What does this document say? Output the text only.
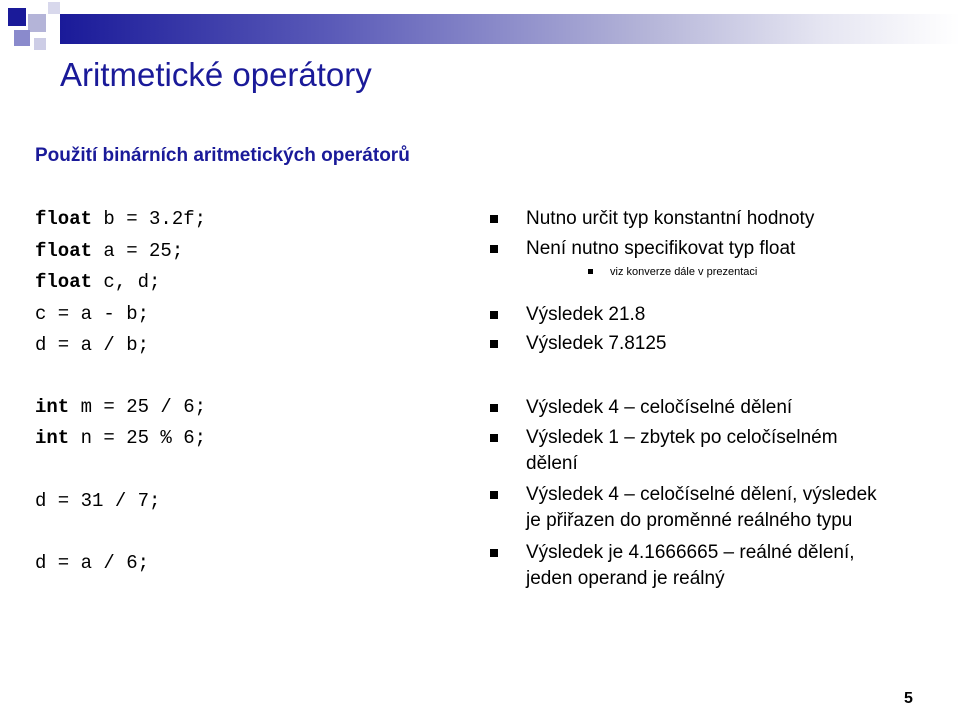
Aritmetické operátory
Použití binárních aritmetických operátorů
float b = 3.2f;
float a = 25;
float c, d;
c = a - b;
d = a / b;
int m = 25 / 6;
int n = 25 % 6;
d = 31 / 7;
d = a / 6;
Nutno určit typ konstantní hodnoty
Není nutno specifikovat typ float
viz konverze dále v prezentaci
Výsledek 21.8
Výsledek 7.8125
Výsledek 4 – celočíselné dělení
Výsledek 1 – zbytek po celočíselném
dělení
Výsledek 4 – celočíselné dělení, výsledek
je přiřazen do proměnné reálného typu
Výsledek je 4.1666665 – reálné dělení,
jeden operand je reálný
5
